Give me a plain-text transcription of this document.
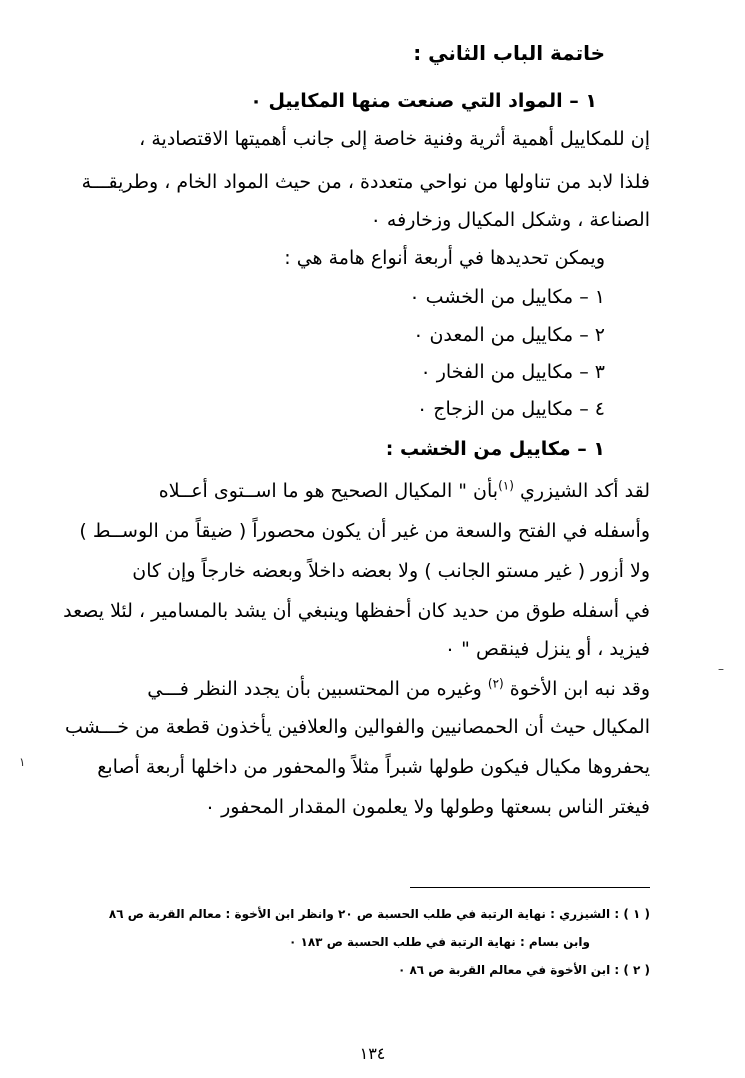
خاتمة الباب الثاني :
١ – المواد التي صنعت منها المكاييل ٠
إن للمكاييل أهمية أثرية وفنية خاصة إلى جانب أهميتها الاقتصادية ،
فلذا لابد من تناولها من نواحي متعددة ، من حيث المواد الخام ، وطريقـــة
الصناعة ، وشكل المكيال وزخارفه ٠
ويمكن تحديدها في أربعة أنواع هامة هي :
١ – مكاييل من الخشب ٠
٢ – مكاييل من المعدن ٠
٣ – مكاييل من الفخار ٠
٤ – مكاييل من الزجاج ٠
١ – مكاييل من الخشب :
لقد أكد الشيزري $^{(١)}$بأن " المكيال الصحيح هو ما اســتوى أعــلاه
وأسفله في الفتح والسعة من غير أن يكون محصوراً ( ضيقاً من الوســط )
ولا أزور ( غير مستو الجانب ) ولا بعضه داخلاً وبعضه خارجاً وإن كان
في أسفله طوق من حديد كان أحفظها وينبغي أن يشد بالمسامير ، لئلا يصعد
فيزيد ، أو ينزل فينقص " ٠
وقد نبه ابن الأخوة $^{(٢)}$ وغيره من المحتسبين بأن يجدد النظر فـــي
المكيال حيث أن الحمصانيين والفوالين والعلافين يأخذون قطعة من خـــشب
يحفروها مكيال فيكون طولها شبراً مثلاً والمحفور من داخلها أربعة أصابع
فيغتر الناس بسعتها وطولها ولا يعلمون المقدار المحفور ٠
–
١
( ١ ) : الشيزري : نهاية الرتبة في طلب الحسبة ص ٢٠ وانظر ابن الأخوة : معالم القربة ص ٨٦
وابن بسام : نهاية الرتبة في طلب الحسبة ص ١٨٣ ٠
( ٢ ) : ابن الأخوة في معالم القربة ص ٨٦ ٠
١٣٤
